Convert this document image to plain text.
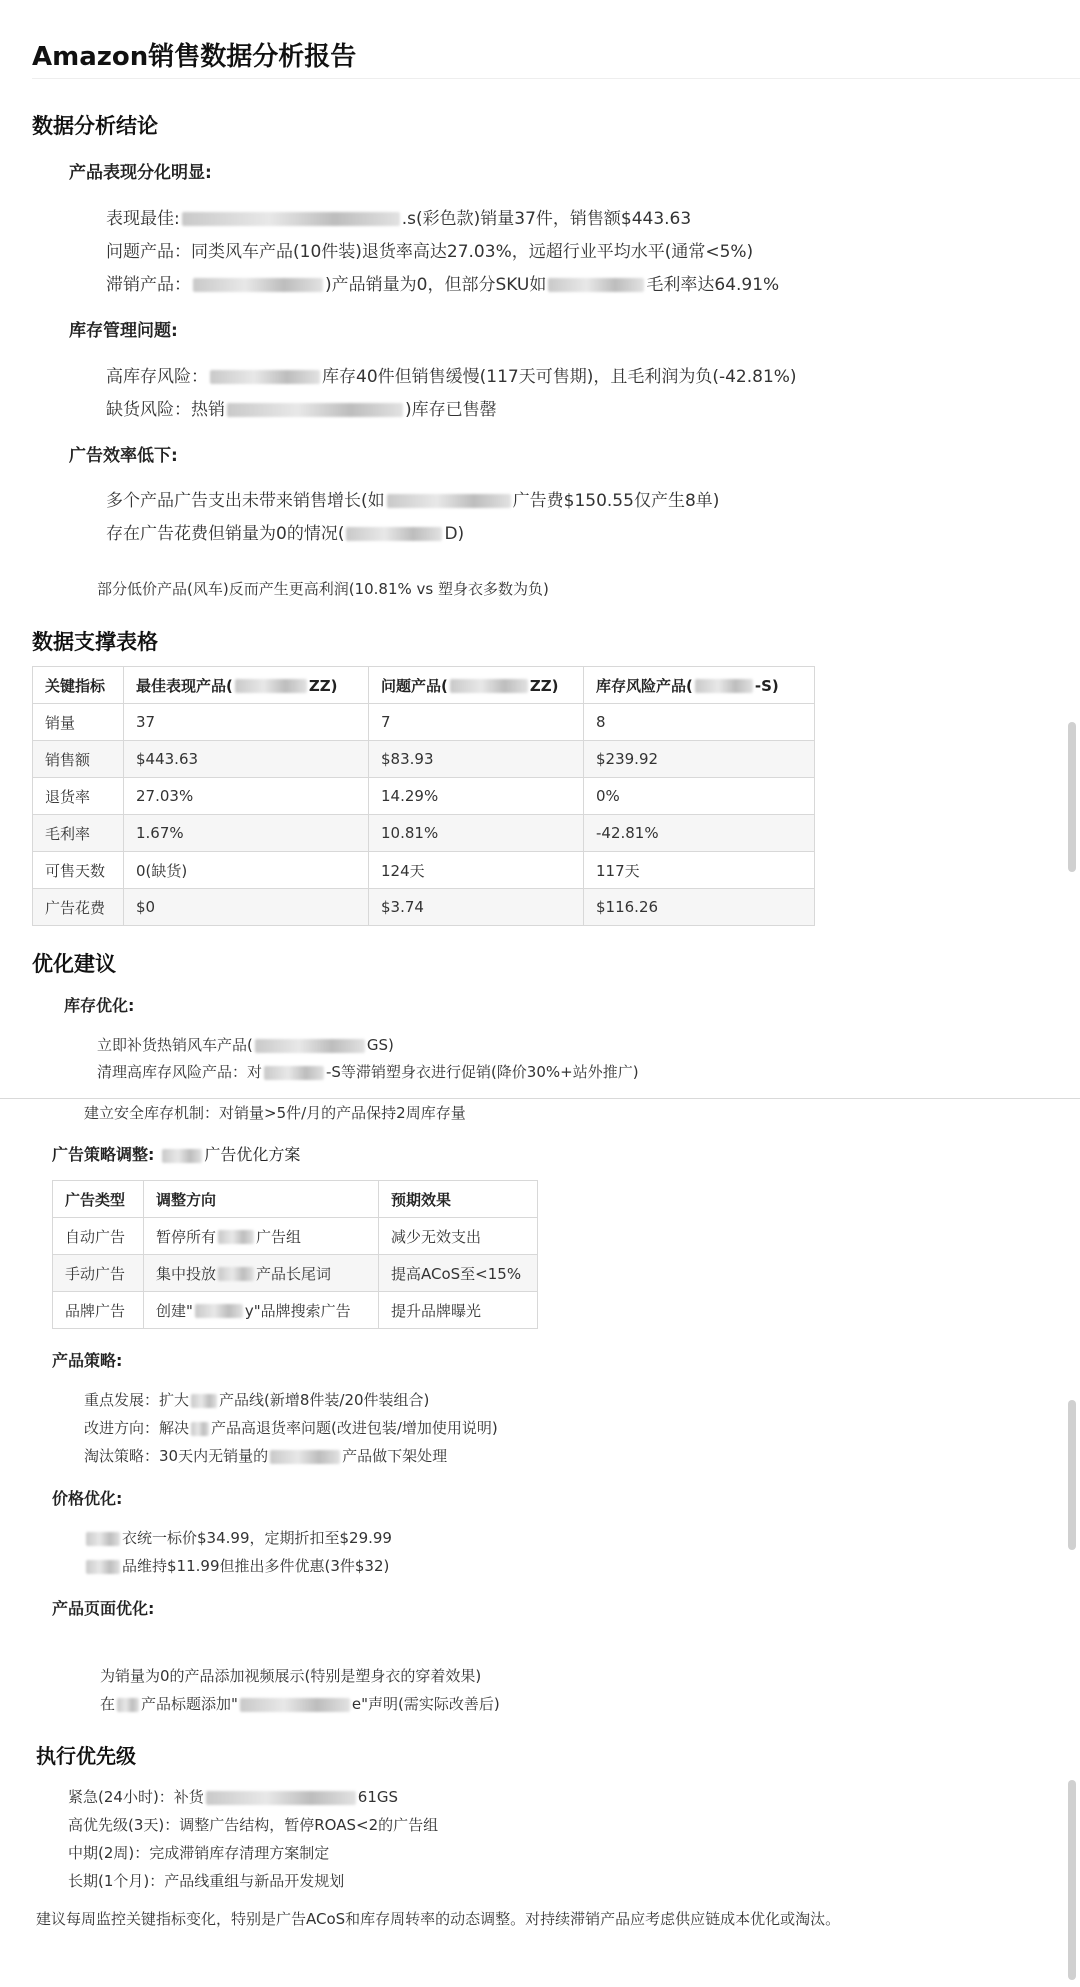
Amazon销售数据分析报告
数据分析结论
产品表现分化明显:
表现最佳:	.s(彩色款)销量37件，销售额$443.63
问题产品：同类风车产品(10件装)退货率高达27.03%，远超行业平均水平(通常<5%)
滞销产品：	)产品销量为0，但部分SKU如	毛利率达64.91%
库存管理问题:
高库存风险：	库存40件但销售缓慢(117天可售期)，且毛利润为负(-42.81%)
缺货风险：热销	)库存已售罄
广告效率低下:
多个产品广告支出未带来销售增长(如	广告费$150.55仅产生8单)
存在广告花费但销量为0的情况(	D)
部分低价产品(风车)反而产生更高利润(10.81% vs 塑身衣多数为负)
数据支撑表格
关键指标	最佳表现产品( ZZ)	问题产品( ZZ)	库存风险产品( -S)
销量	37	7	8
销售额	$443.63	$83.93	$239.92
退货率	27.03%	14.29%	0%
毛利率	1.67%	10.81%	-42.81%
可售天数	0(缺货)	124天	117天
广告花费	$0	$3.74	$116.26
优化建议
库存优化:
立即补货热销风车产品(	GS)
清理高库存风险产品：对	-S等滞销塑身衣进行促销(降价30%+站外推广)
建立安全库存机制：对销量>5件/月的产品保持2周库存量
广告策略调整:	广告优化方案
广告类型	调整方向	预期效果
自动广告	暂停所有 广告组	减少无效支出
手动广告	集中投放 产品长尾词	提高ACoS至<15%
品牌广告	创建" y"品牌搜索广告	提升品牌曝光
产品策略:
重点发展：扩大 产品线(新增8件装/20件装组合)
改进方向：解决 产品高退货率问题(改进包装/增加使用说明)
淘汰策略：30天内无销量的	产品做下架处理
价格优化:
衣统一标价$34.99，定期折扣至$29.99
品维持$11.99但推出多件优惠(3件$32)
产品页面优化:
为销量为0的产品添加视频展示(特别是塑身衣的穿着效果)
在 产品标题添加"	e"声明(需实际改善后)
执行优先级
紧急(24小时)：补货	61GS
高优先级(3天)：调整广告结构，暂停ROAS<2的广告组
中期(2周)：完成滞销库存清理方案制定
长期(1个月)：产品线重组与新品开发规划
建议每周监控关键指标变化，特别是广告ACoS和库存周转率的动态调整。对持续滞销产品应考虑供应链成本优化或淘汰。
